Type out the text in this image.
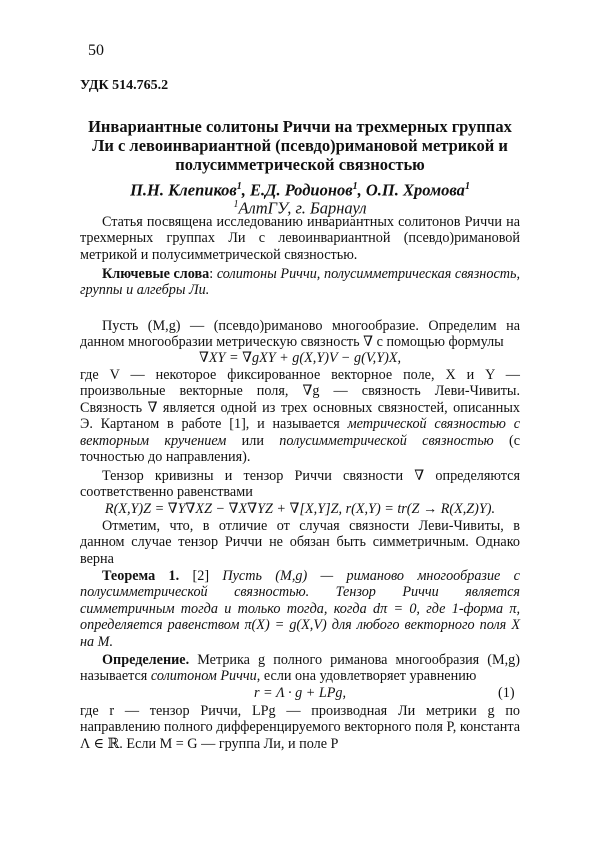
50
УДК 514.765.2
Инвариантные солитоны Риччи на трехмерных группах Ли с левоинвариантной (псевдо)римановой метрикой и полусимметрической связностью
П.Н. Клепиков$^1$, Е.Д. Родионов$^1$, О.П. Хромова$^1$
$^1$АлтГУ, г. Барнаул
Статья посвящена исследованию инвариантных солитонов Риччи на трехмерных группах Ли с левоинвариантной (псевдо)римановой метрикой и полусимметрической связностью.
Ключевые слова: солитоны Риччи, полусимметрическая связность, группы и алгебры Ли.
Пусть (M,g) — (псевдо)риманово многообразие. Определим на данном многообразии метрическую связность ∇ с помощью формулы
∇XY = ∇gXY + g(X,Y)V − g(V,Y)X,
где V — некоторое фиксированное векторное поле, X и Y — произвольные векторные поля, ∇g — связность Леви-Чивиты. Связность ∇ является одной из трех основных связностей, описанных Э. Картаном в работе [1], и называется метрической связностью с векторным кручением или полусимметрической связностью (с точностью до направления).
Тензор кривизны и тензор Риччи связности ∇ определяются соответственно равенствами
R(X,Y)Z = ∇Y∇XZ − ∇X∇YZ + ∇[X,Y]Z, r(X,Y) = tr(Z → R(X,Z)Y).
Отметим, что, в отличие от случая связности Леви-Чивиты, в данном случае тензор Риччи не обязан быть симметричным. Однако верна
Теорема 1. [2] Пусть (M,g) — риманово многообразие с полусимметрической связностью. Тензор Риччи является симметричным тогда и только тогда, когда dπ = 0, где 1-форма π, определяется равенством π(X) = g(X,V) для любого векторного поля X на M.
Определение. Метрика g полного риманова многообразия (M,g) называется солитоном Риччи, если она удовлетворяет уравнению
r = Λ · g + LPg,	(1)
где r — тензор Риччи, LPg — производная Ли метрики g по направлению полного дифференцируемого векторного поля P, константа Λ ∈ ℝ. Если M = G — группа Ли, и поле P
